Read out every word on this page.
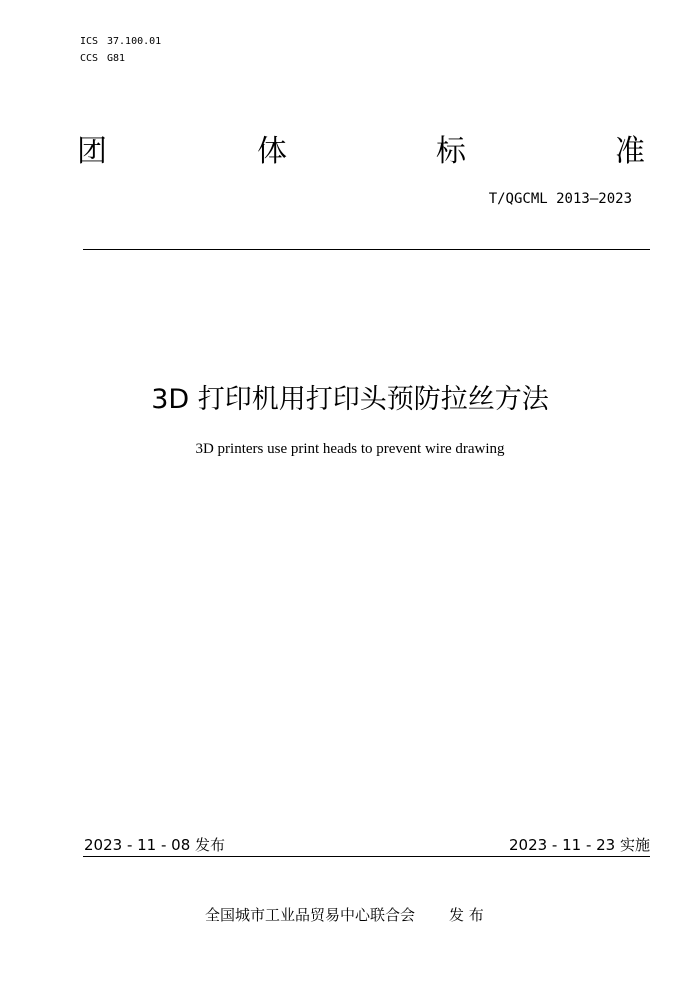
ICS 37.100.01
CCS G81
团	体	标	准
T/QGCML 2013—2023
3D 打印机用打印头预防拉丝方法
3D printers use print heads to prevent wire drawing
2023 - 11 - 08 发布	2023 - 11 - 23 实施
全国城市工业品贸易中心联合会 发 布
